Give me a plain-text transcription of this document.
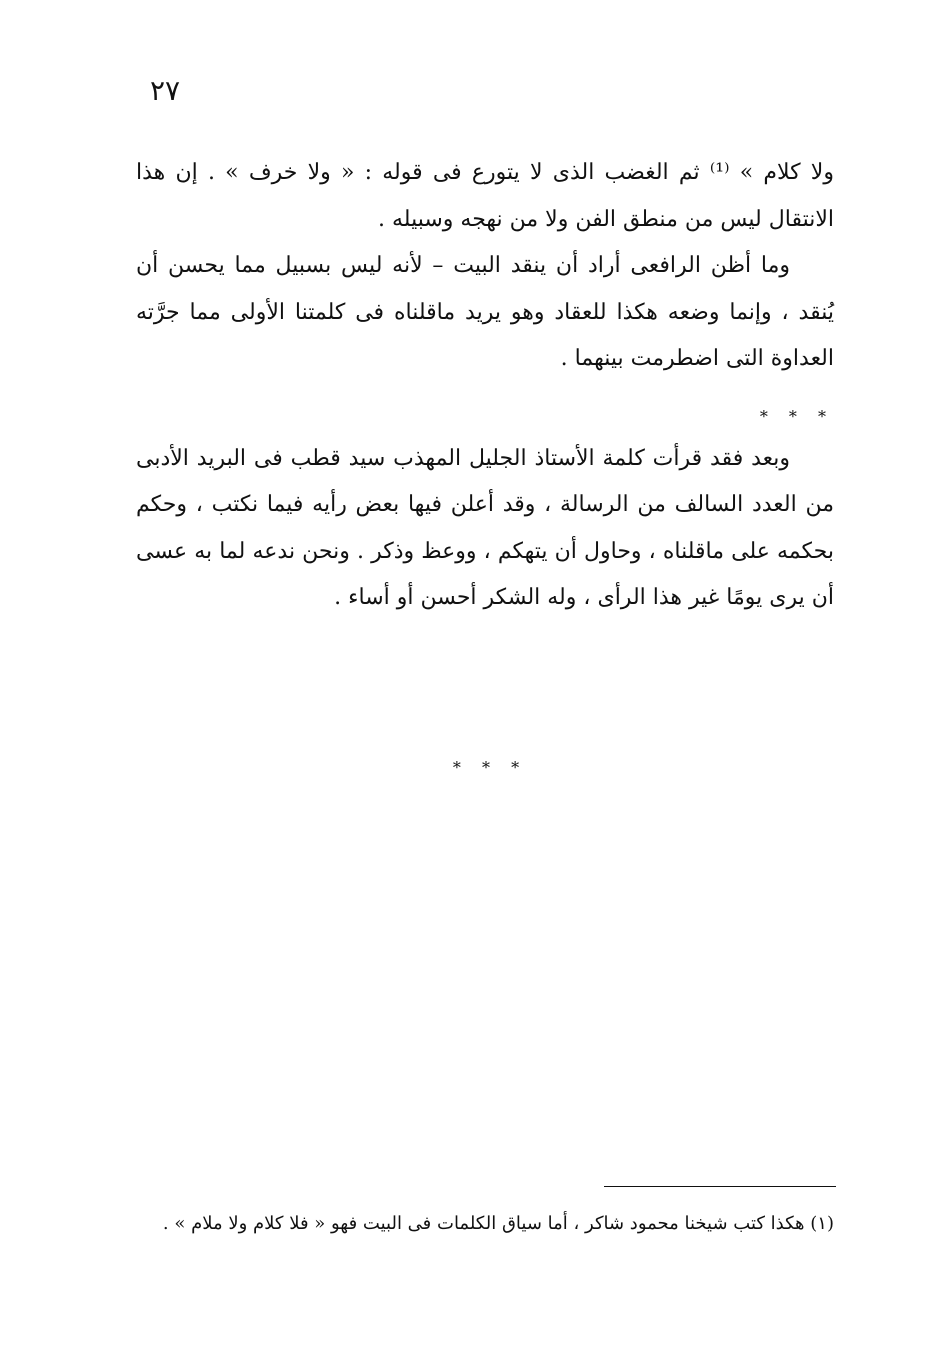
٢٧

ولا كلام » ⁽¹⁾ ثم الغضب الذى لا يتورع فى قوله : « ولا خرف » . إن هذا الانتقال ليس من منطق الفن ولا من نهجه وسبيله .

وما أظن الرافعى أراد أن ينقد البيت – لأنه ليس بسبيل مما يحسن أن يُنقد ، وإنما وضعه هكذا للعقاد وهو يريد ماقلناه فى كلمتنا الأولى مما جرَّته العداوة التى اضطرمت بينهما .

* * *

وبعد فقد قرأت كلمة الأستاذ الجليل المهذب سيد قطب فى البريد الأدبى من العدد السالف من الرسالة ، وقد أعلن فيها بعض رأيه فيما نكتب ، وحكم بحكمه على ماقلناه ، وحاول أن يتهكم ، ووعظ وذكر . ونحن ندعه لما به عسى أن يرى يومًا غير هذا الرأى ، وله الشكر أحسن أو أساء .

* * *

(١) هكذا كتب شيخنا محمود شاكر ، أما سياق الكلمات فى البيت فهو « فلا كلام ولا ملام » .
